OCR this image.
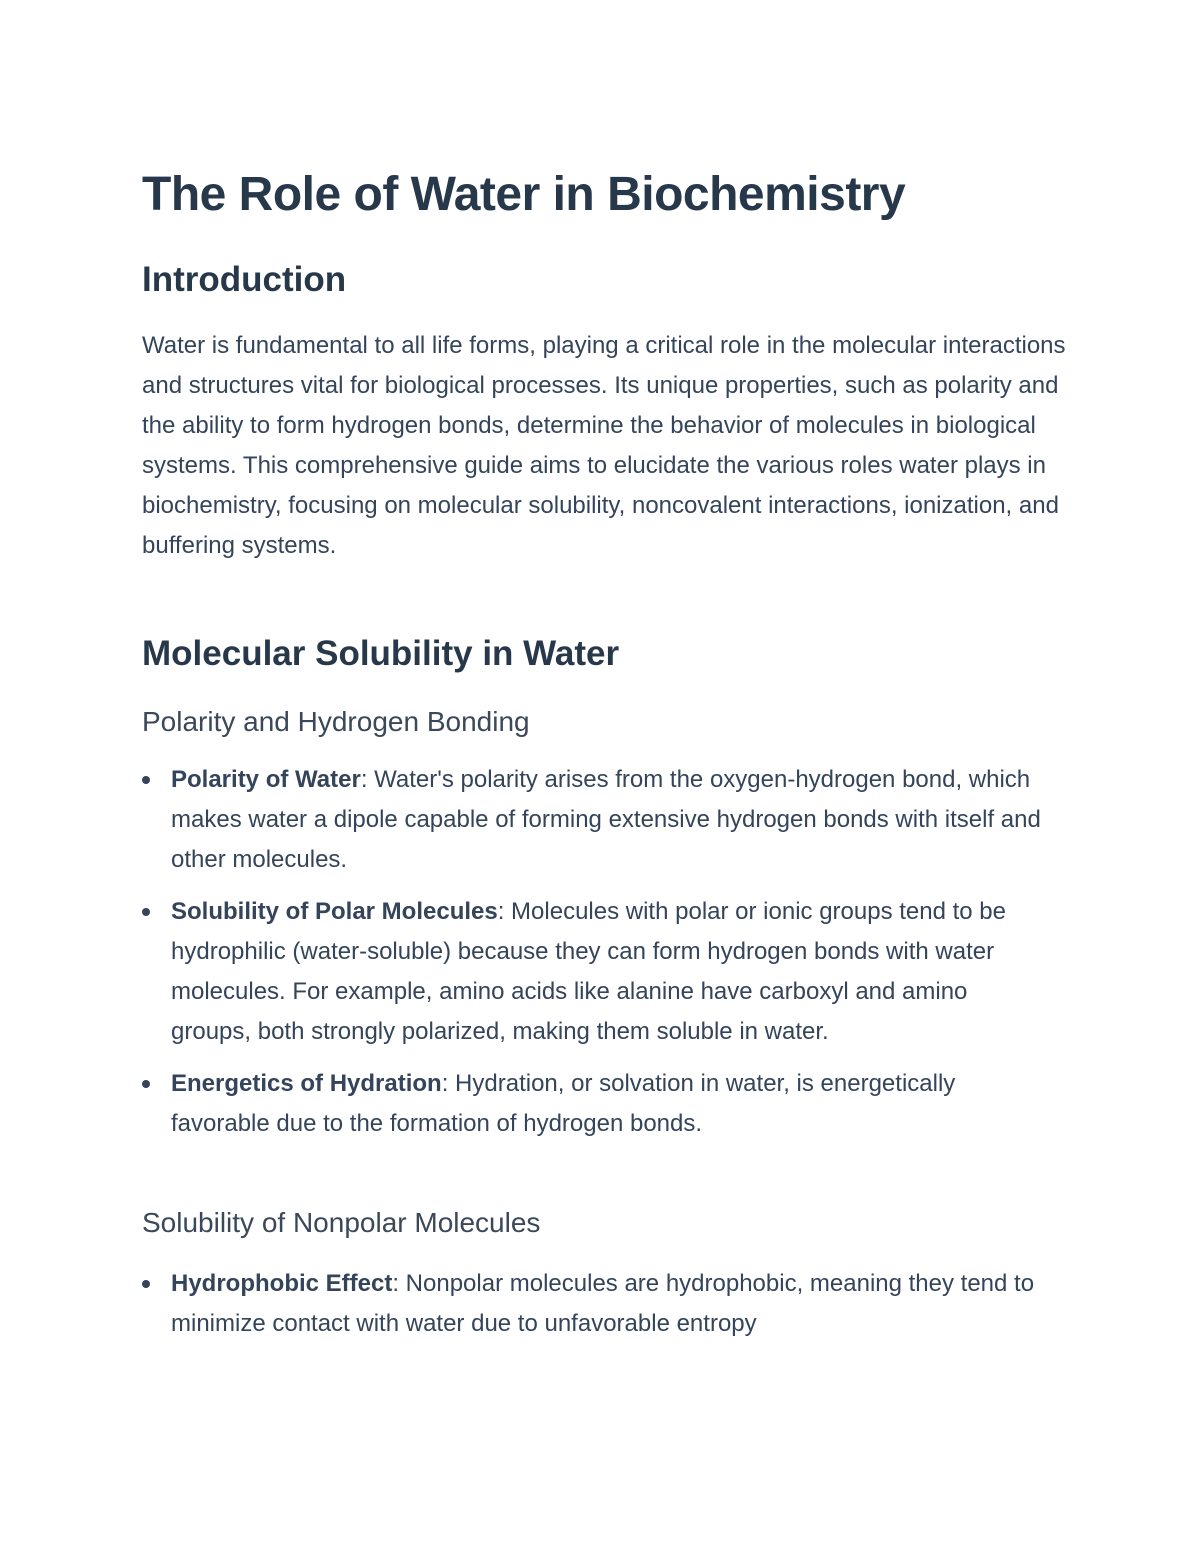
The Role of Water in Biochemistry
Introduction

Water is fundamental to all life forms, playing a critical role in the molecular interactions and structures vital for biological processes. Its unique properties, such as polarity and the ability to form hydrogen bonds, determine the behavior of molecules in biological systems. This comprehensive guide aims to elucidate the various roles water plays in biochemistry, focusing on molecular solubility, noncovalent interactions, ionization, and buffering systems.

Molecular Solubility in Water
Polarity and Hydrogen Bonding
Polarity of Water: Water's polarity arises from the oxygen-hydrogen bond, which makes water a dipole capable of forming extensive hydrogen bonds with itself and other molecules.
Solubility of Polar Molecules: Molecules with polar or ionic groups tend to be hydrophilic (water-soluble) because they can form hydrogen bonds with water molecules. For example, amino acids like alanine have carboxyl and amino groups, both strongly polarized, making them soluble in water.
Energetics of Hydration: Hydration, or solvation in water, is energetically favorable due to the formation of hydrogen bonds.
Solubility of Nonpolar Molecules
Hydrophobic Effect: Nonpolar molecules are hydrophobic, meaning they tend to minimize contact with water due to unfavorable entropy
